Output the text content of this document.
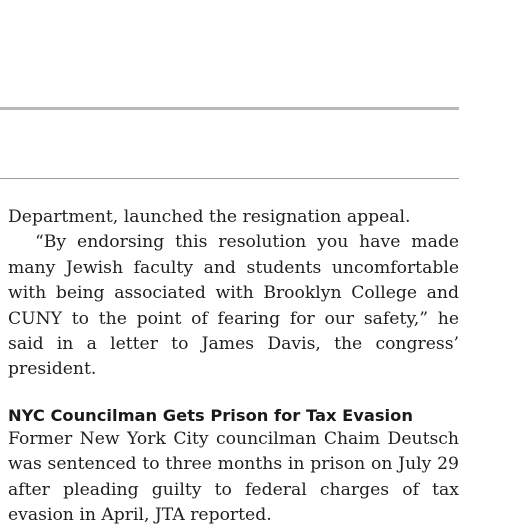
Department, launched the resignation appeal.

“By endorsing this resolution you have made many Jewish faculty and students uncomfortable with being associated with Brooklyn College and CUNY to the point of fearing for our safety,” he said in a letter to James Davis, the congress’ president.

NYC Councilman Gets Prison for Tax Evasion

Former New York City councilman Chaim Deutsch was sentenced to three months in prison on July 29 after pleading guilty to federal charges of tax evasion in April, JTA reported.
